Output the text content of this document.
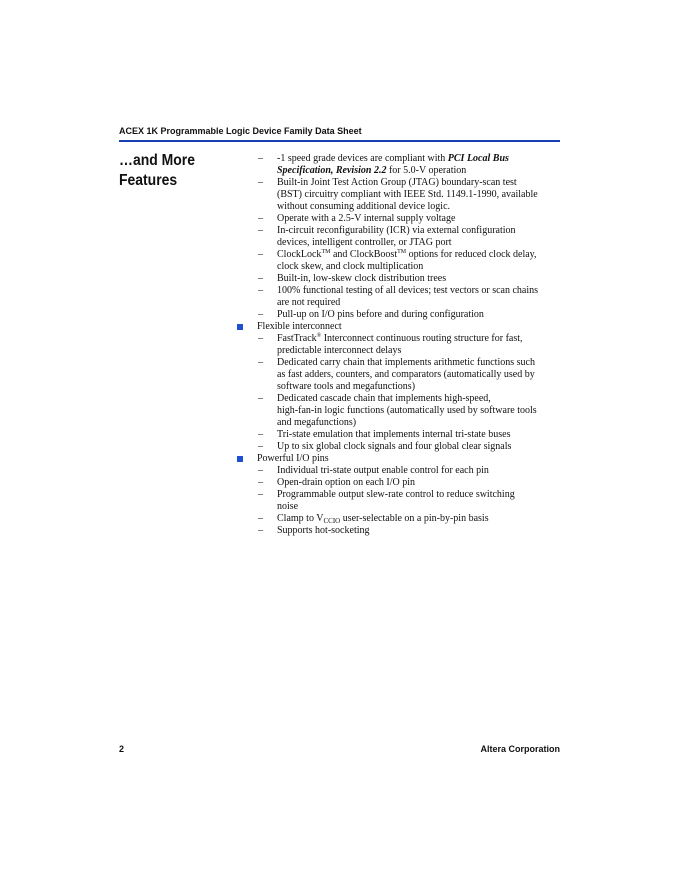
ACEX 1K Programmable Logic Device Family Data Sheet
…and More
Features
– -1 speed grade devices are compliant with PCI Local Bus
Specification, Revision 2.2 for 5.0-V operation
– Built-in Joint Test Action Group (JTAG) boundary-scan test
(BST) circuitry compliant with IEEE Std. 1149.1-1990, available
without consuming additional device logic.
– Operate with a 2.5-V internal supply voltage
– In-circuit reconfigurability (ICR) via external configuration
devices, intelligent controller, or JTAG port
– ClockLock™ and ClockBoost™ options for reduced clock delay,
clock skew, and clock multiplication
– Built-in, low-skew clock distribution trees
– 100% functional testing of all devices; test vectors or scan chains
are not required
– Pull-up on I/O pins before and during configuration
Flexible interconnect
– FastTrack® Interconnect continuous routing structure for fast,
predictable interconnect delays
– Dedicated carry chain that implements arithmetic functions such
as fast adders, counters, and comparators (automatically used by
software tools and megafunctions)
– Dedicated cascade chain that implements high-speed,
high-fan-in logic functions (automatically used by software tools
and megafunctions)
– Tri-state emulation that implements internal tri-state buses
– Up to six global clock signals and four global clear signals
Powerful I/O pins
– Individual tri-state output enable control for each pin
– Open-drain option on each I/O pin
– Programmable output slew-rate control to reduce switching
noise
– Clamp to $V_{CCIO}$ user-selectable on a pin-by-pin basis
– Supports hot-socketing
2	Altera Corporation
